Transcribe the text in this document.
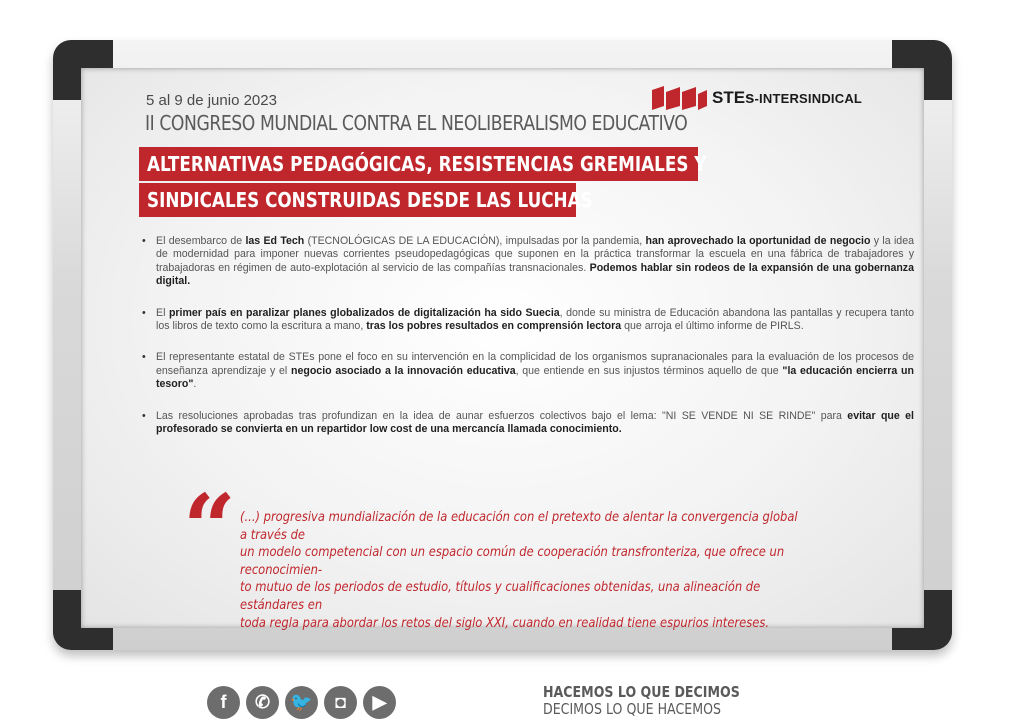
5 al 9 de junio 2023
II CONGRESO MUNDIAL CONTRA EL NEOLIBERALISMO EDUCATIVO
ALTERNATIVAS PEDAGÓGICAS, RESISTENCIAS GREMIALES Y
SINDICALES CONSTRUIDAS DESDE LAS LUCHAS
STEs-INTERSINDICAL
• El desembarco de las Ed Tech (TECNOLÓGICAS DE LA EDUCACIÓN), impulsadas por la pandemia, han aprovechado la oportunidad de negocio y la idea de modernidad para imponer nuevas corrientes pseudopedagógicas que suponen en la práctica transformar la escuela en una fábrica de trabajadores y trabajadoras en régimen de auto-explotación al servicio de las compañías transnacionales. Podemos hablar sin rodeos de la expansión de una gobernanza digital.
• El primer país en paralizar planes globalizados de digitalización ha sido Suecia, donde su ministra de Educación abandona las pantallas y recupera tanto los libros de texto como la escritura a mano, tras los pobres resultados en comprensión lectora que arroja el último informe de PIRLS.
• El representante estatal de STEs pone el foco en su intervención en la complicidad de los organismos supranacionales para la evaluación de los procesos de enseñanza aprendizaje y el negocio asociado a la innovación educativa, que entiende en sus injustos términos aquello de que "la educación encierra un tesoro".
• Las resoluciones aprobadas tras profundizan en la idea de aunar esfuerzos colectivos bajo el lema: "NI SE VENDE NI SE RINDE" para evitar que el profesorado se convierta en un repartidor low cost de una mercancía llamada conocimiento.
“ (...) progresiva mundialización de la educación con el pretexto de alentar la convergencia global a través de
un modelo competencial con un espacio común de cooperación transfronteriza, que ofrece un reconocimien-
to mutuo de los periodos de estudio, títulos y cualificaciones obtenidas, una alineación de estándares en
toda regla para abordar los retos del siglo XXI, cuando en realidad tiene espurios intereses.
f	✆	🐦	◘	▶	HACEMOS LO QUE DECIMOS
DECIMOS LO QUE HACEMOS
